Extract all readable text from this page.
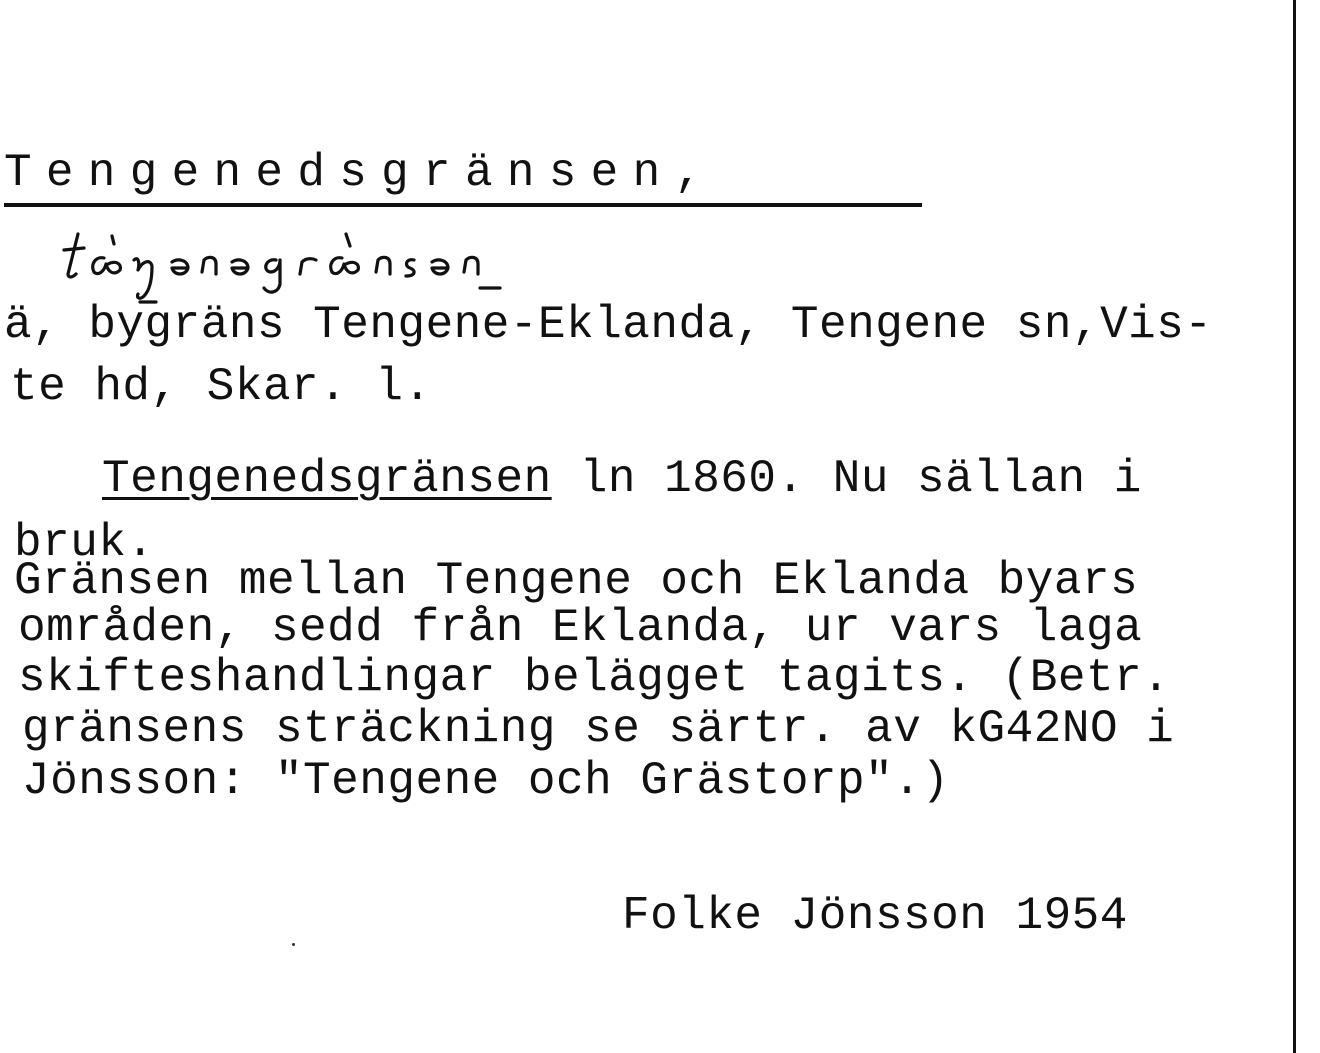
Tengenedsgränsen,
ä, bygräns Tengene-Eklanda, Tengene sn,Vis-
te hd, Skar. l.
Tengenedsgränsen ln 1860. Nu sällan i
bruk.
Gränsen mellan Tengene och Eklanda byars
områden, sedd från Eklanda, ur vars laga
skifteshandlingar belägget tagits. (Betr.
gränsens sträckning se särtr. av kG42NO i
Jönsson: "Tengene och Grästorp".)
Folke Jönsson 1954
